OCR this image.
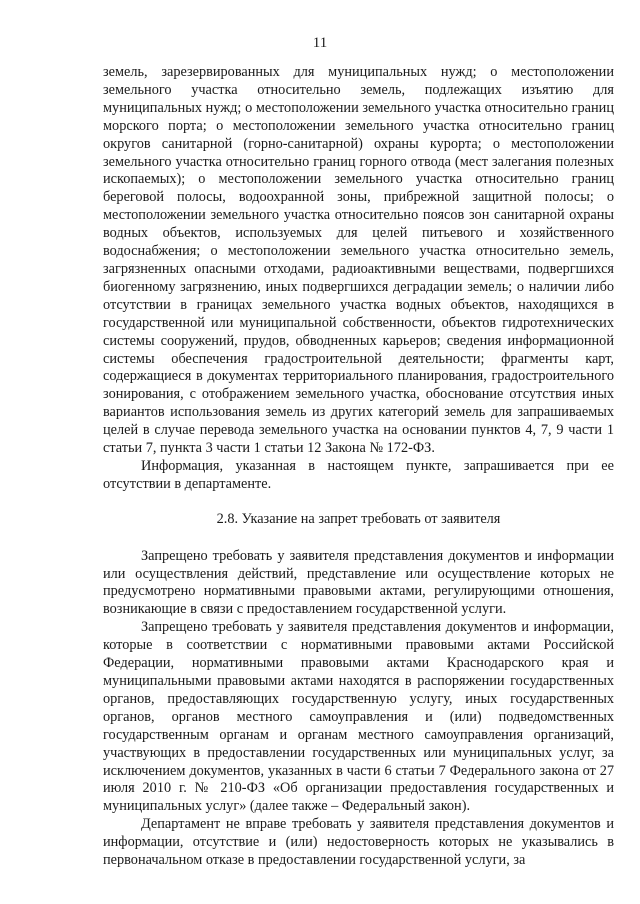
11

земель, зарезервированных для муниципальных нужд; о местоположении земельного участка относительно земель, подлежащих изъятию для муниципальных нужд; о местоположении земельного участка относительно границ морского порта; о местоположении земельного участка относительно границ округов санитарной (горно-санитарной) охраны курорта; о местоположении земельного участка относительно границ горного отвода (мест залегания полезных ископаемых); о местоположении земельного участка относительно границ береговой полосы, водоохранной зоны, прибрежной защитной полосы; о местоположении земельного участка относительно поясов зон санитарной охраны водных объектов, используемых для целей питьевого и хозяйственного водоснабжения; о местоположении земельного участка относительно земель, загрязненных опасными отходами, радиоактивными веществами, подвергшихся биогенному загрязнению, иных подвергшихся деградации земель; о наличии либо отсутствии в границах земельного участка водных объектов, находящихся в государственной или муниципальной собственности, объектов гидротехнических системы сооружений, прудов, обводненных карьеров; сведения информационной системы обеспечения градостроительной деятельности; фрагменты карт, содержащиеся в документах территориального планирования, градостроительного зонирования, с отображением земельного участка, обоснование отсутствия иных вариантов использования земель из других категорий земель для запрашиваемых целей в случае перевода земельного участка на основании пунктов 4, 7, 9 части 1 статьи 7, пункта 3 части 1 статьи 12 Закона № 172-ФЗ.

Информация, указанная в настоящем пункте, запрашивается при ее отсутствии в департаменте.

2.8. Указание на запрет требовать от заявителя

Запрещено требовать у заявителя представления документов и информации или осуществления действий, представление или осуществление которых не предусмотрено нормативными правовыми актами, регулирующими отношения, возникающие в связи с предоставлением государственной услуги.

Запрещено требовать у заявителя представления документов и информации, которые в соответствии с нормативными правовыми актами Российской Федерации, нормативными правовыми актами Краснодарского края и муниципальными правовыми актами находятся в распоряжении государственных органов, предоставляющих государственную услугу, иных государственных органов, органов местного самоуправления и (или) подведомственных государственным органам и органам местного самоуправления организаций, участвующих в предоставлении государственных или муниципальных услуг, за исключением документов, указанных в части 6 статьи 7 Федерального закона от 27 июля 2010 г. № 210-ФЗ «Об организации предоставления государственных и муниципальных услуг» (далее также – Федеральный закон).

Департамент не вправе требовать у заявителя представления документов и информации, отсутствие и (или) недостоверность которых не указывались в первоначальном отказе в предоставлении государственной услуги, за
